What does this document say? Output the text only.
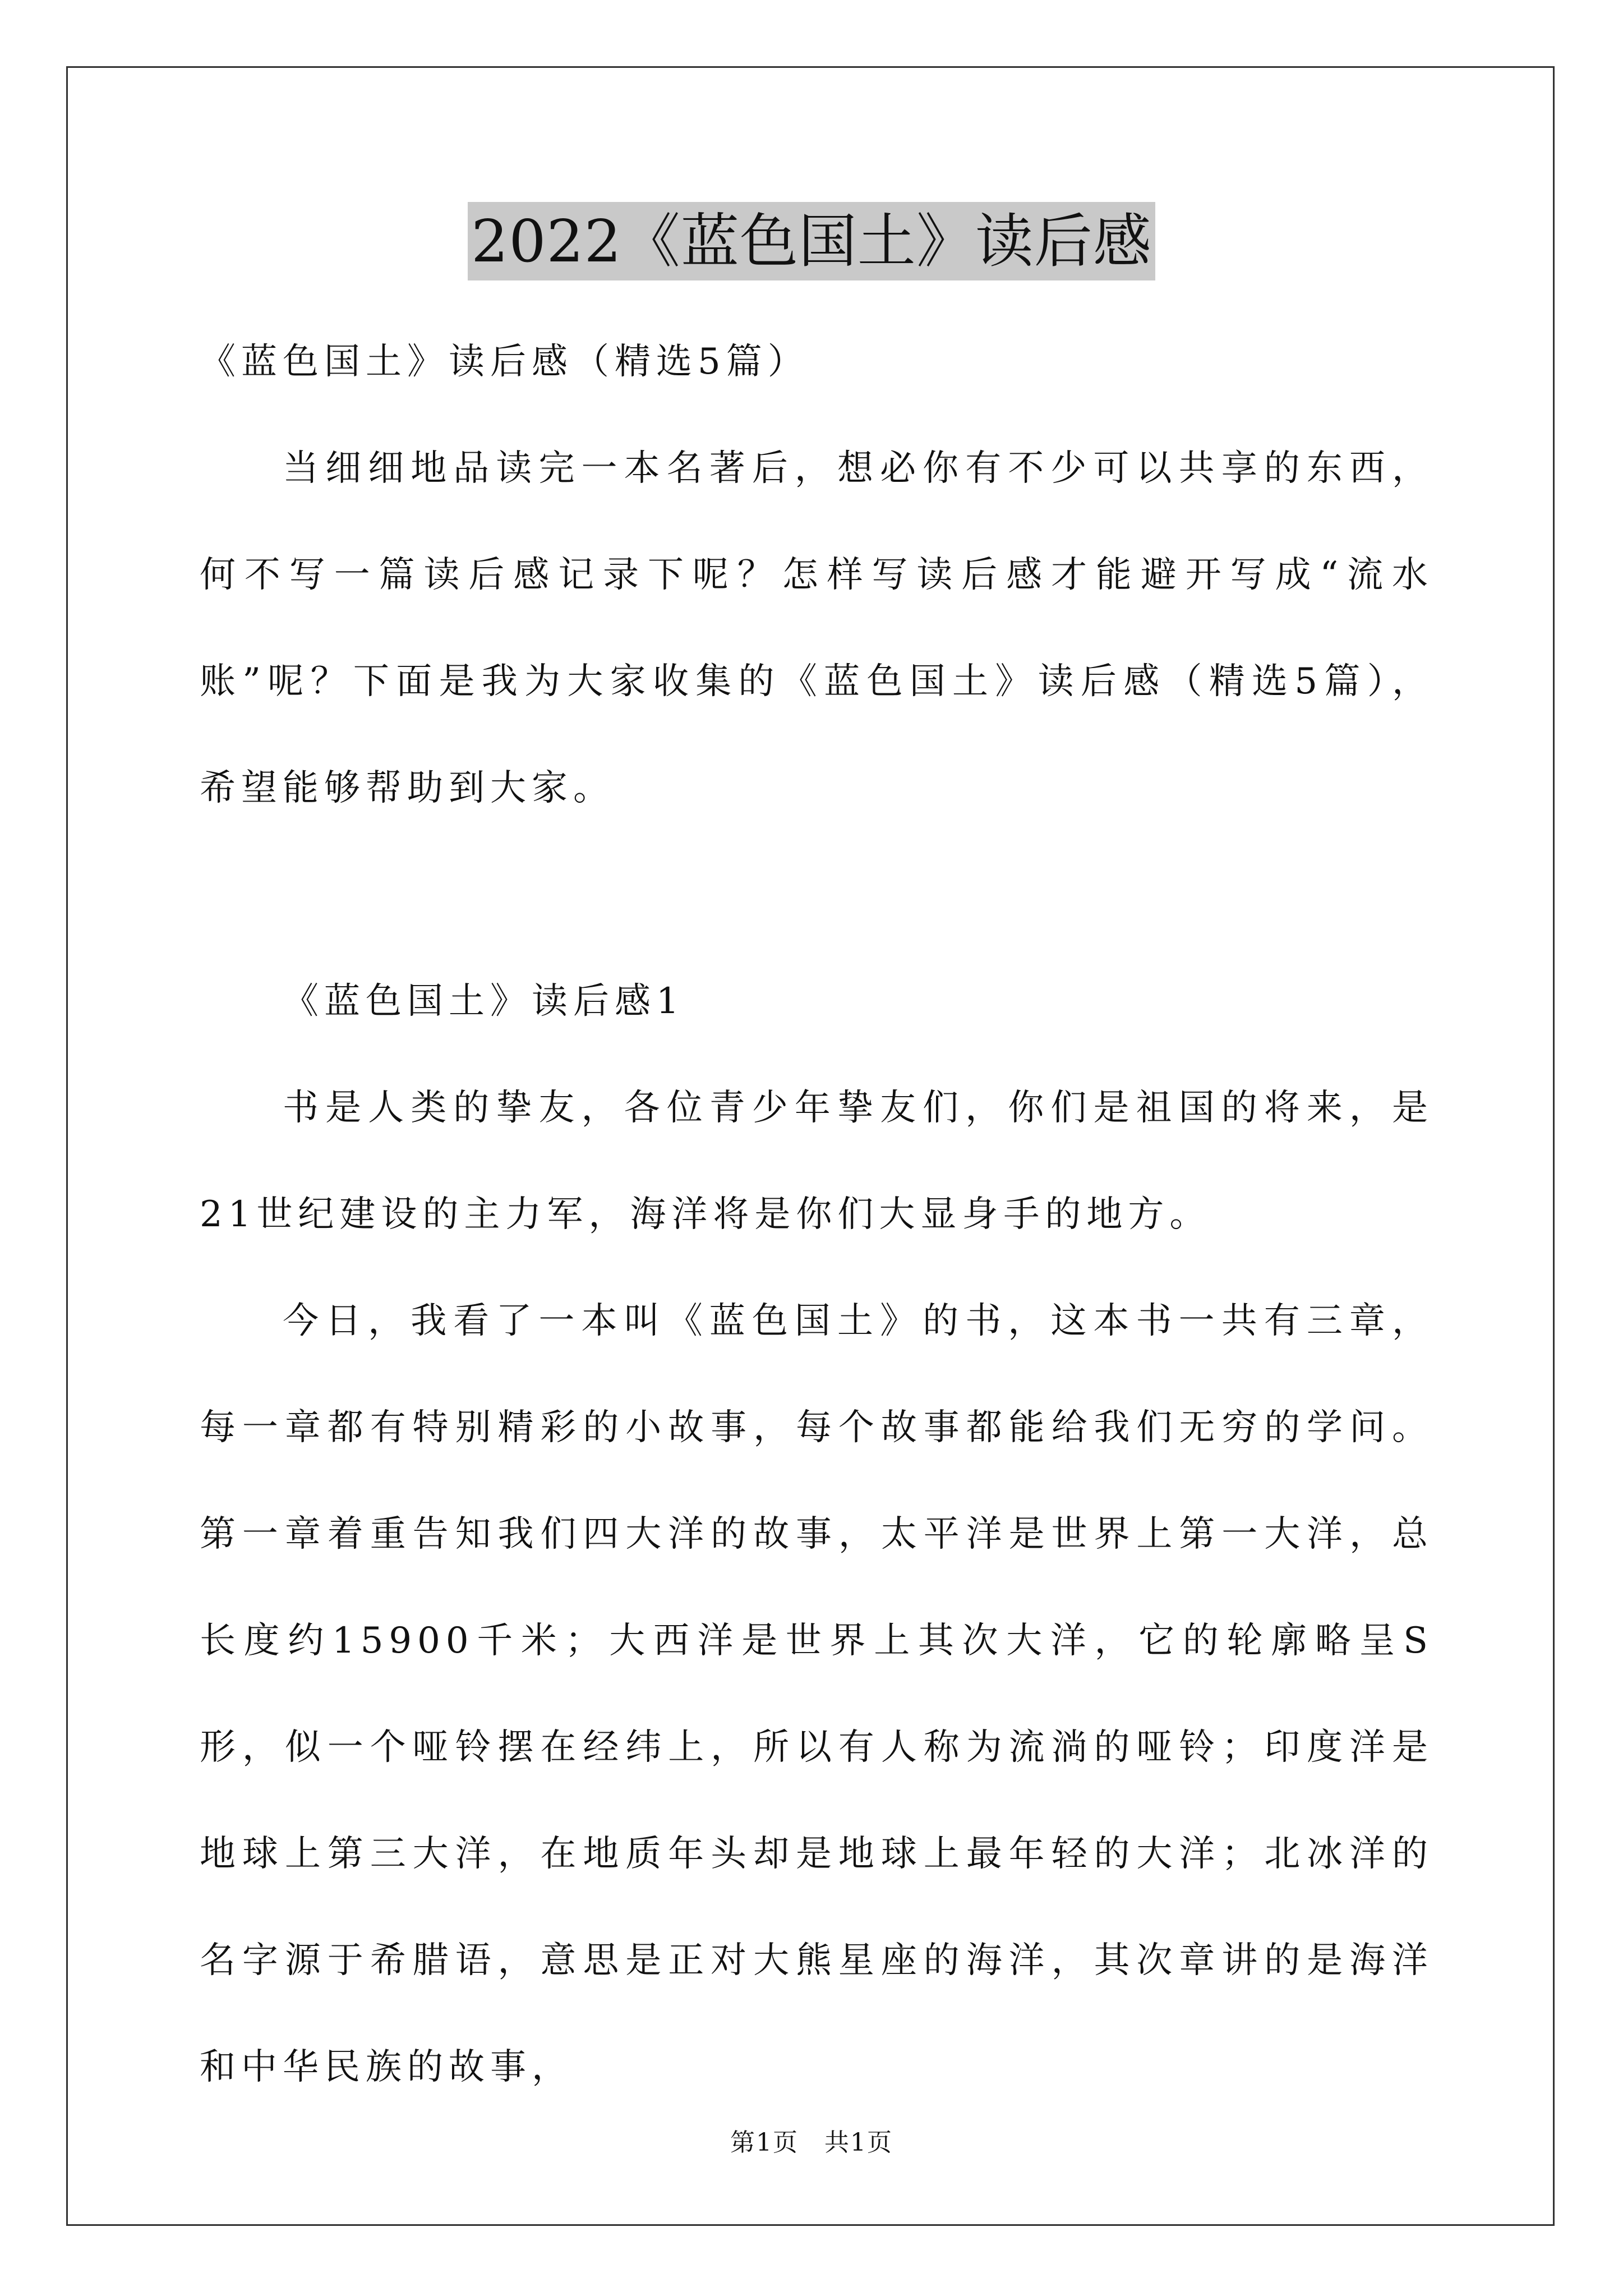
2022《蓝色国土》读后感

《蓝色国土》读后感（精选5篇）

当细细地品读完一本名著后，想必你有不少可以共享的东西，何不写一篇读后感记录下呢？怎样写读后感才能避开写成“流水账”呢？下面是我为大家收集的《蓝色国土》读后感（精选5篇），希望能够帮助到大家。

《蓝色国土》读后感1

书是人类的挚友，各位青少年挚友们，你们是祖国的将来，是21世纪建设的主力军，海洋将是你们大显身手的地方。

今日，我看了一本叫《蓝色国土》的书，这本书一共有三章，每一章都有特别精彩的小故事，每个故事都能给我们无穷的学问。第一章着重告知我们四大洋的故事，太平洋是世界上第一大洋，总长度约15900千米；大西洋是世界上其次大洋，它的轮廓略呈S形，似一个哑铃摆在经纬上，所以有人称为流淌的哑铃；印度洋是地球上第三大洋，在地质年头却是地球上最年轻的大洋；北冰洋的名字源于希腊语，意思是正对大熊星座的海洋，其次章讲的是海洋和中华民族的故事，

第1页　共1页
